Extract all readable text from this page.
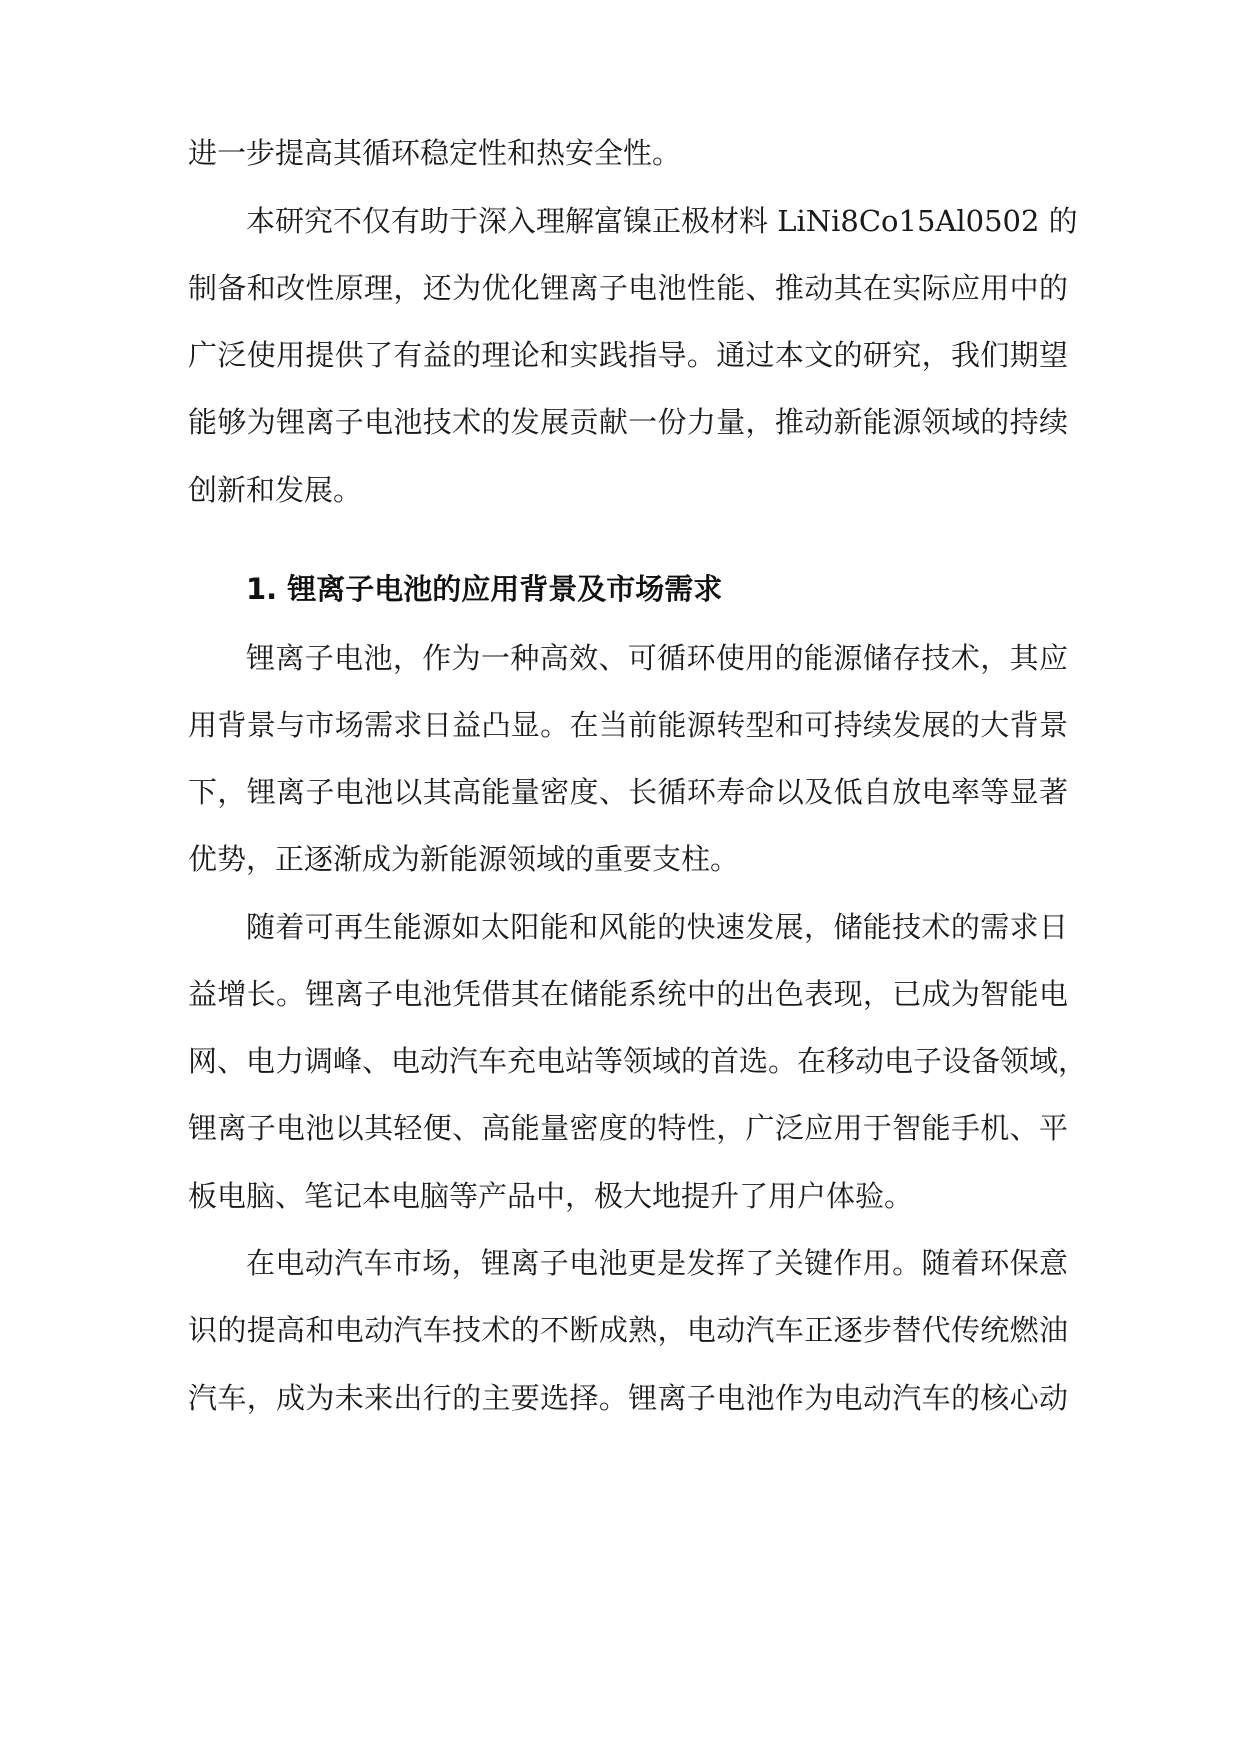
进一步提高其循环稳定性和热安全性。
本研究不仅有助于深入理解富镍正极材料 LiNi8Co15Al0502 的
制备和改性原理，还为优化锂离子电池性能、推动其在实际应用中的
广泛使用提供了有益的理论和实践指导。通过本文的研究，我们期望
能够为锂离子电池技术的发展贡献一份力量，推动新能源领域的持续
创新和发展。
1. 锂离子电池的应用背景及市场需求
锂离子电池，作为一种高效、可循环使用的能源储存技术，其应
用背景与市场需求日益凸显。在当前能源转型和可持续发展的大背景
下，锂离子电池以其高能量密度、长循环寿命以及低自放电率等显著
优势，正逐渐成为新能源领域的重要支柱。
随着可再生能源如太阳能和风能的快速发展，储能技术的需求日
益增长。锂离子电池凭借其在储能系统中的出色表现，已成为智能电
网、电力调峰、电动汽车充电站等领域的首选。在移动电子设备领域，
锂离子电池以其轻便、高能量密度的特性，广泛应用于智能手机、平
板电脑、笔记本电脑等产品中，极大地提升了用户体验。
在电动汽车市场，锂离子电池更是发挥了关键作用。随着环保意
识的提高和电动汽车技术的不断成熟，电动汽车正逐步替代传统燃油
汽车，成为未来出行的主要选择。锂离子电池作为电动汽车的核心动
